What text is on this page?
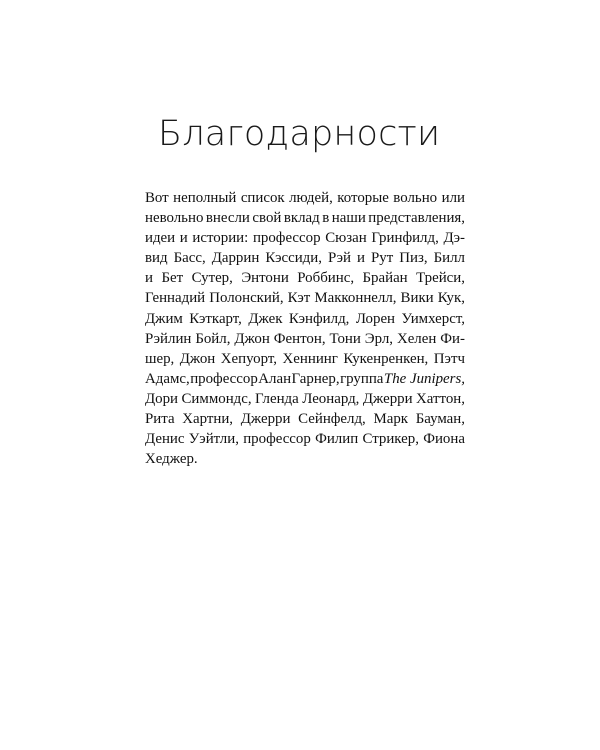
Благодарности
Вот неполный список людей, которые вольно или
невольно внесли свой вклад в наши представления,
идеи и истории: профессор Сюзан Гринфилд, Дэ-
вид Басс, Даррин Кэссиди, Рэй и Рут Пиз, Билл
и Бет Сутер, Энтони Роббинс, Брайан Трейси,
Геннадий Полонский, Кэт Макконнелл, Вики Кук,
Джим Кэткарт, Джек Кэнфилд, Лорен Уимхерст,
Рэйлин Бойл, Джон Фентон, Тони Эрл, Хелен Фи-
шер, Джон Хепуорт, Хеннинг Кукенренкен, Пэтч
Адамс, профессор Алан Гарнер, группа The Junipers,
Дори Симмондс, Гленда Леонард, Джерри Хаттон,
Рита Хартни, Джерри Сейнфелд, Марк Бауман,
Денис Уэйтли, профессор Филип Стрикер, Фиона
Хеджер.
